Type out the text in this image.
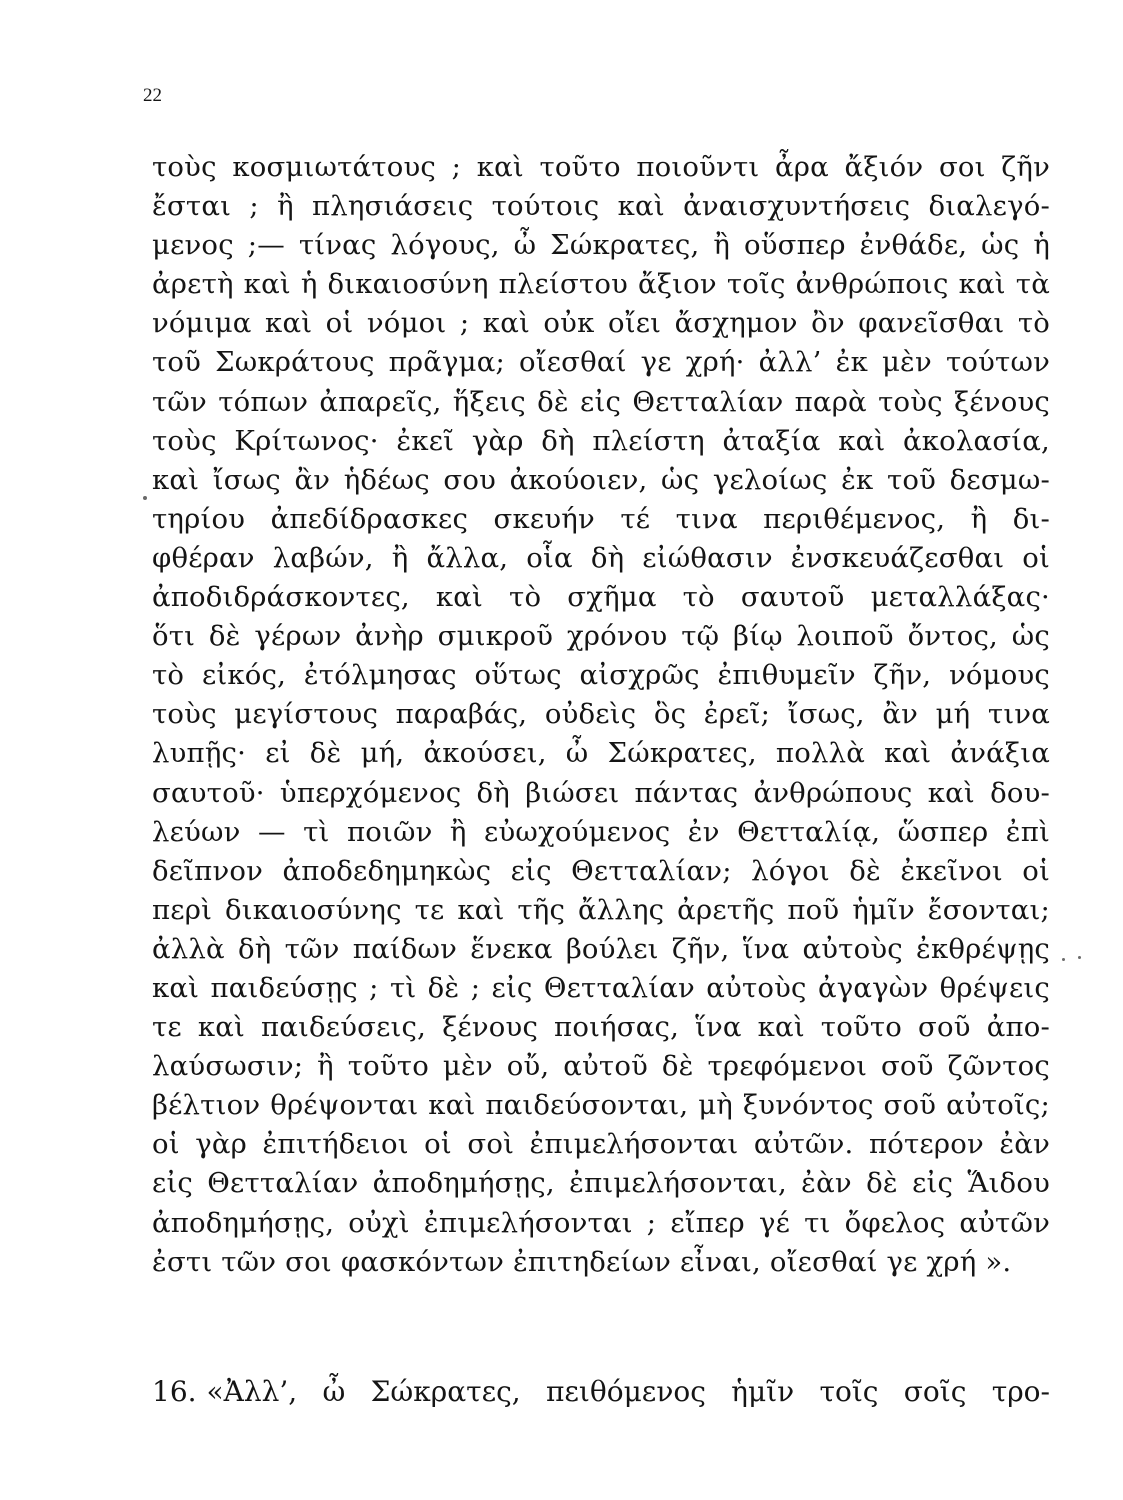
22
τοὺς κοσμιωτάτους ; καὶ τοῦτο ποιοῦντι ἆρα ἄξιόν σοι ζῆν
ἔσται ; ἢ πλησιάσεις τούτοις καὶ ἀναισχυντήσεις διαλεγό-
μενος ;— τίνας λόγους, ὦ Σώκρατες, ἢ οὕσπερ ἐνθάδε, ὡς ἡ
ἀρετὴ καὶ ἡ δικαιοσύνη πλείστου ἄξιον τοῖς ἀνθρώποις καὶ τὰ
νόμιμα καὶ οἱ νόμοι ; καὶ οὐκ οἴει ἄσχημον ὂν φανεῖσθαι τὸ
τοῦ Σωκράτους πρᾶγμα; οἴεσθαί γε χρή· ἀλλ’ ἐκ μὲν τούτων
τῶν τόπων ἀπαρεῖς, ἥξεις δὲ εἰς Θετταλίαν παρὰ τοὺς ξένους
τοὺς Κρίτωνος· ἐκεῖ γὰρ δὴ πλείστη ἀταξία καὶ ἀκολασία,
καὶ ἴσως ἂν ἡδέως σου ἀκούοιεν, ὡς γελοίως ἐκ τοῦ δεσμω-
τηρίου ἀπεδίδρασκες σκευήν τέ τινα περιθέμενος, ἢ δι-
φθέραν λαβών, ἢ ἄλλα, οἷα δὴ εἰώθασιν ἐνσκευάζεσθαι οἱ
ἀποδιδράσκοντες, καὶ τὸ σχῆμα τὸ σαυτοῦ μεταλλάξας·
ὅτι δὲ γέρων ἀνὴρ σμικροῦ χρόνου τῷ βίῳ λοιποῦ ὄντος, ὡς
τὸ εἰκός, ἐτόλμησας οὕτως αἰσχρῶς ἐπιθυμεῖν ζῆν, νόμους
τοὺς μεγίστους παραβάς, οὐδεὶς ὃς ἐρεῖ; ἴσως, ἂν μή τινα
λυπῇς· εἰ δὲ μή, ἀκούσει, ὦ Σώκρατες, πολλὰ καὶ ἀνάξια
σαυτοῦ· ὑπερχόμενος δὴ βιώσει πάντας ἀνθρώπους καὶ δου-
λεύων — τὶ ποιῶν ἢ εὐωχούμενος ἐν Θετταλίᾳ, ὥσπερ ἐπὶ
δεῖπνον ἀποδεδημηκὼς εἰς Θετταλίαν; λόγοι δὲ ἐκεῖνοι οἱ
περὶ δικαιοσύνης τε καὶ τῆς ἄλλης ἀρετῆς ποῦ ἡμῖν ἔσονται;
ἀλλὰ δὴ τῶν παίδων ἕνεκα βούλει ζῆν, ἵνα αὐτοὺς ἐκθρέψῃς
καὶ παιδεύσῃς ; τὶ δὲ ; εἰς Θετταλίαν αὐτοὺς ἀγαγὼν θρέψεις
τε καὶ παιδεύσεις, ξένους ποιήσας, ἵνα καὶ τοῦτο σοῦ ἀπο-
λαύσωσιν; ἢ τοῦτο μὲν οὔ, αὐτοῦ δὲ τρεφόμενοι σοῦ ζῶντος
βέλτιον θρέψονται καὶ παιδεύσονται, μὴ ξυνόντος σοῦ αὐτοῖς;
οἱ γὰρ ἐπιτήδειοι οἱ σοὶ ἐπιμελήσονται αὐτῶν. πότερον ἐὰν
εἰς Θετταλίαν ἀποδημήσῃς, ἐπιμελήσονται, ἐὰν δὲ εἰς Ἅιδου
ἀποδημήσῃς, οὐχὶ ἐπιμελήσονται ; εἴπερ γέ τι ὄφελος αὐτῶν
ἐστι τῶν σοι φασκόντων ἐπιτηδείων εἶναι, οἴεσθαί γε χρή ».
16. «Ἀλλ’, ὦ Σώκρατες, πειθόμενος ἡμῖν τοῖς σοῖς τρο-
